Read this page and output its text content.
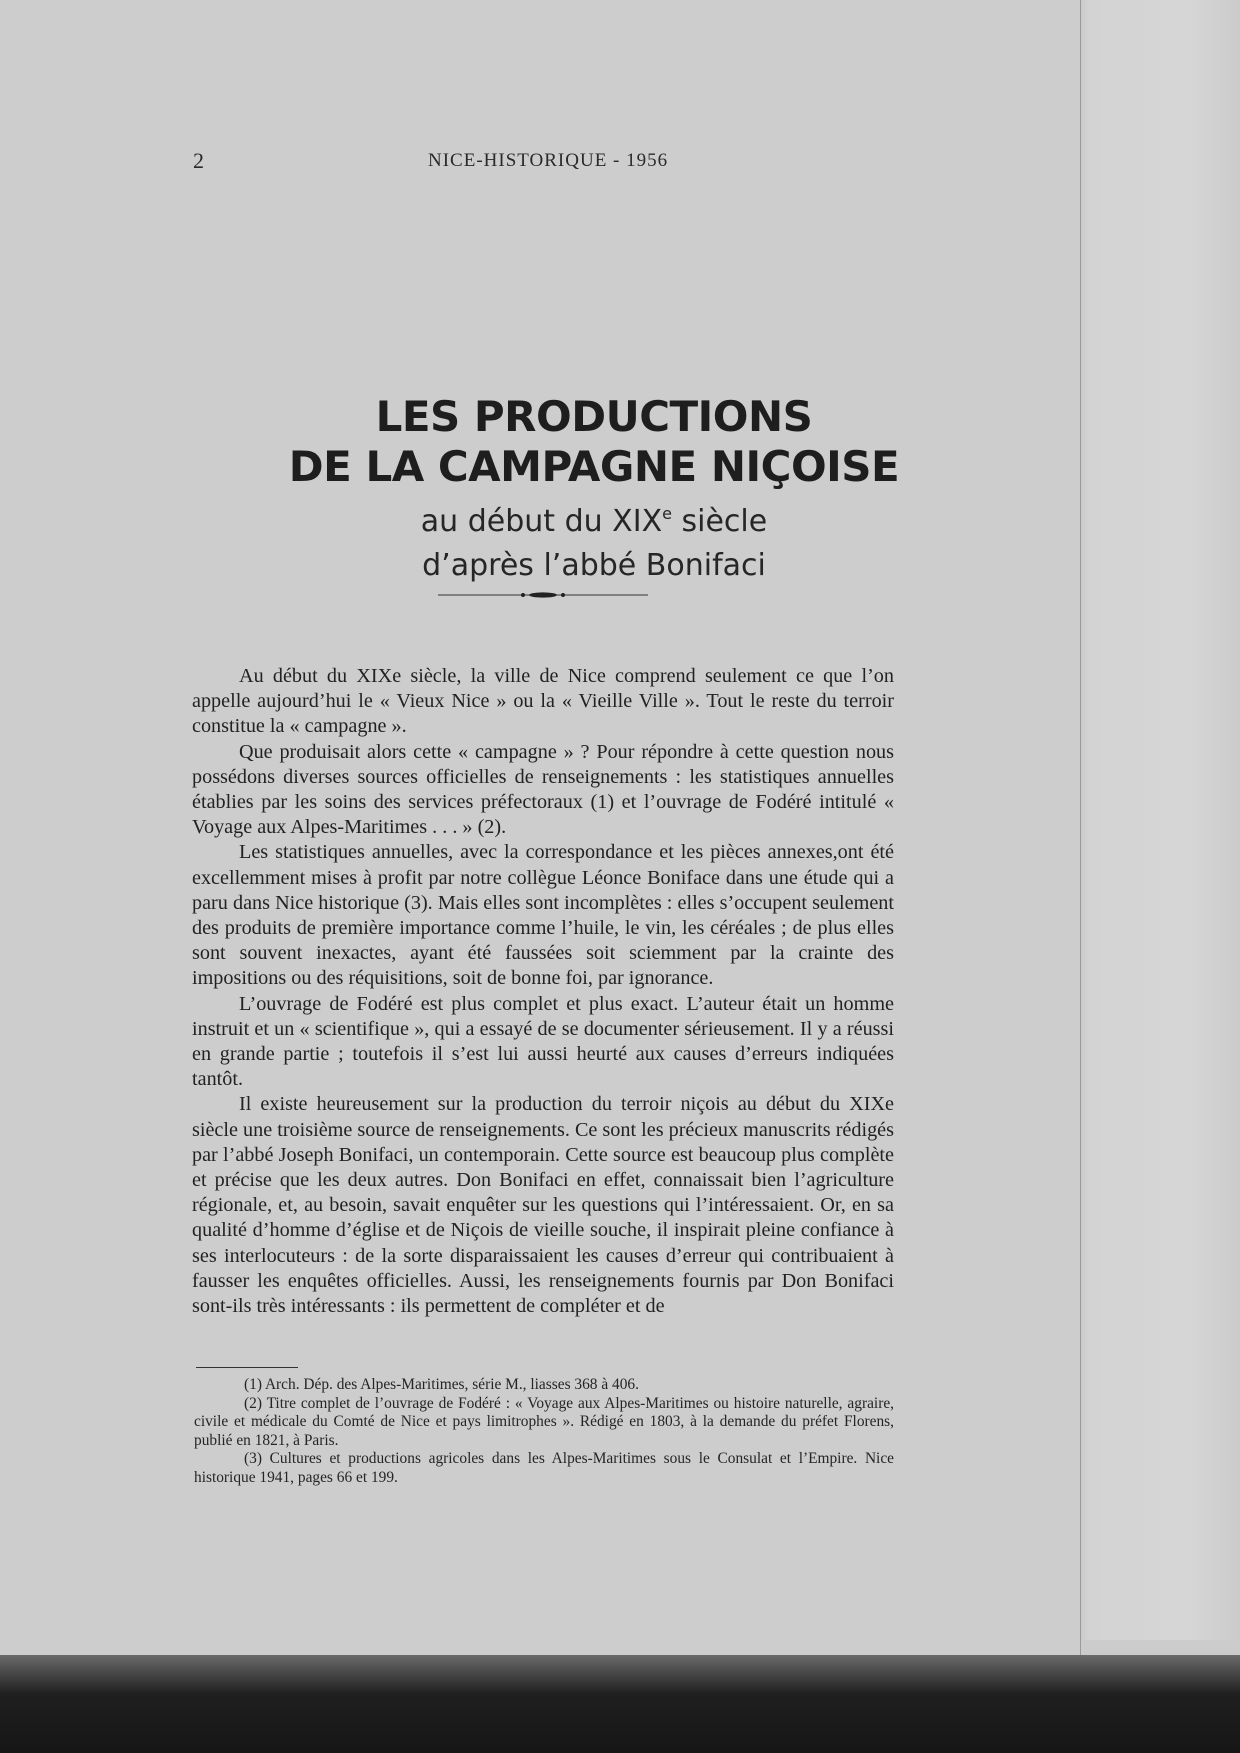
2	NICE-HISTORIQUE - 1956
LES PRODUCTIONS
DE LA CAMPAGNE NIÇOISE
au début du XIXe siècle
d’après l’abbé Bonifaci

Au début du XIXe siècle, la ville de Nice comprend seulement ce que l’on appelle aujourd’hui le « Vieux Nice » ou la « Vieille Ville ». Tout le reste du terroir constitue la « campagne ».

Que produisait alors cette « campagne » ? Pour répondre à cette question nous possédons diverses sources officielles de renseignements : les statistiques annuelles établies par les soins des services préfectoraux (1) et l’ouvrage de Fodéré intitulé « Voyage aux Alpes-Maritimes . . . » (2).

Les statistiques annuelles, avec la correspondance et les pièces annexes,ont été excellemment mises à profit par notre collègue Léonce Boniface dans une étude qui a paru dans Nice historique (3). Mais elles sont incomplètes : elles s’occupent seulement des produits de première importance comme l’huile, le vin, les céréales ; de plus elles sont souvent inexactes, ayant été faussées soit sciemment par la crainte des impositions ou des réquisitions, soit de bonne foi, par ignorance.

L’ouvrage de Fodéré est plus complet et plus exact. L’auteur était un homme instruit et un « scientifique », qui a essayé de se documenter sérieusement. Il y a réussi en grande partie ; toutefois il s’est lui aussi heurté aux causes d’erreurs indiquées tantôt.

Il existe heureusement sur la production du terroir niçois au début du XIXe siècle une troisième source de renseignements. Ce sont les précieux manuscrits rédigés par l’abbé Joseph Bonifaci, un contemporain. Cette source est beaucoup plus complète et précise que les deux autres. Don Bonifaci en effet, connaissait bien l’agriculture régionale, et, au besoin, savait enquêter sur les questions qui l’intéressaient. Or, en sa qualité d’homme d’église et de Niçois de vieille souche, il inspirait pleine confiance à ses interlocuteurs : de la sorte disparaissaient les causes d’erreur qui contribuaient à fausser les enquêtes officielles. Aussi, les renseignements fournis par Don Bonifaci sont-ils très intéressants : ils permettent de compléter et de

(1) Arch. Dép. des Alpes-Maritimes, série M., liasses 368 à 406.

(2) Titre complet de l’ouvrage de Fodéré : « Voyage aux Alpes-Maritimes ou histoire naturelle, agraire, civile et médicale du Comté de Nice et pays limitrophes ». Rédigé en 1803, à la demande du préfet Florens, publié en 1821, à Paris.

(3) Cultures et productions agricoles dans les Alpes-Maritimes sous le Consulat et l’Empire. Nice historique 1941, pages 66 et 199.
